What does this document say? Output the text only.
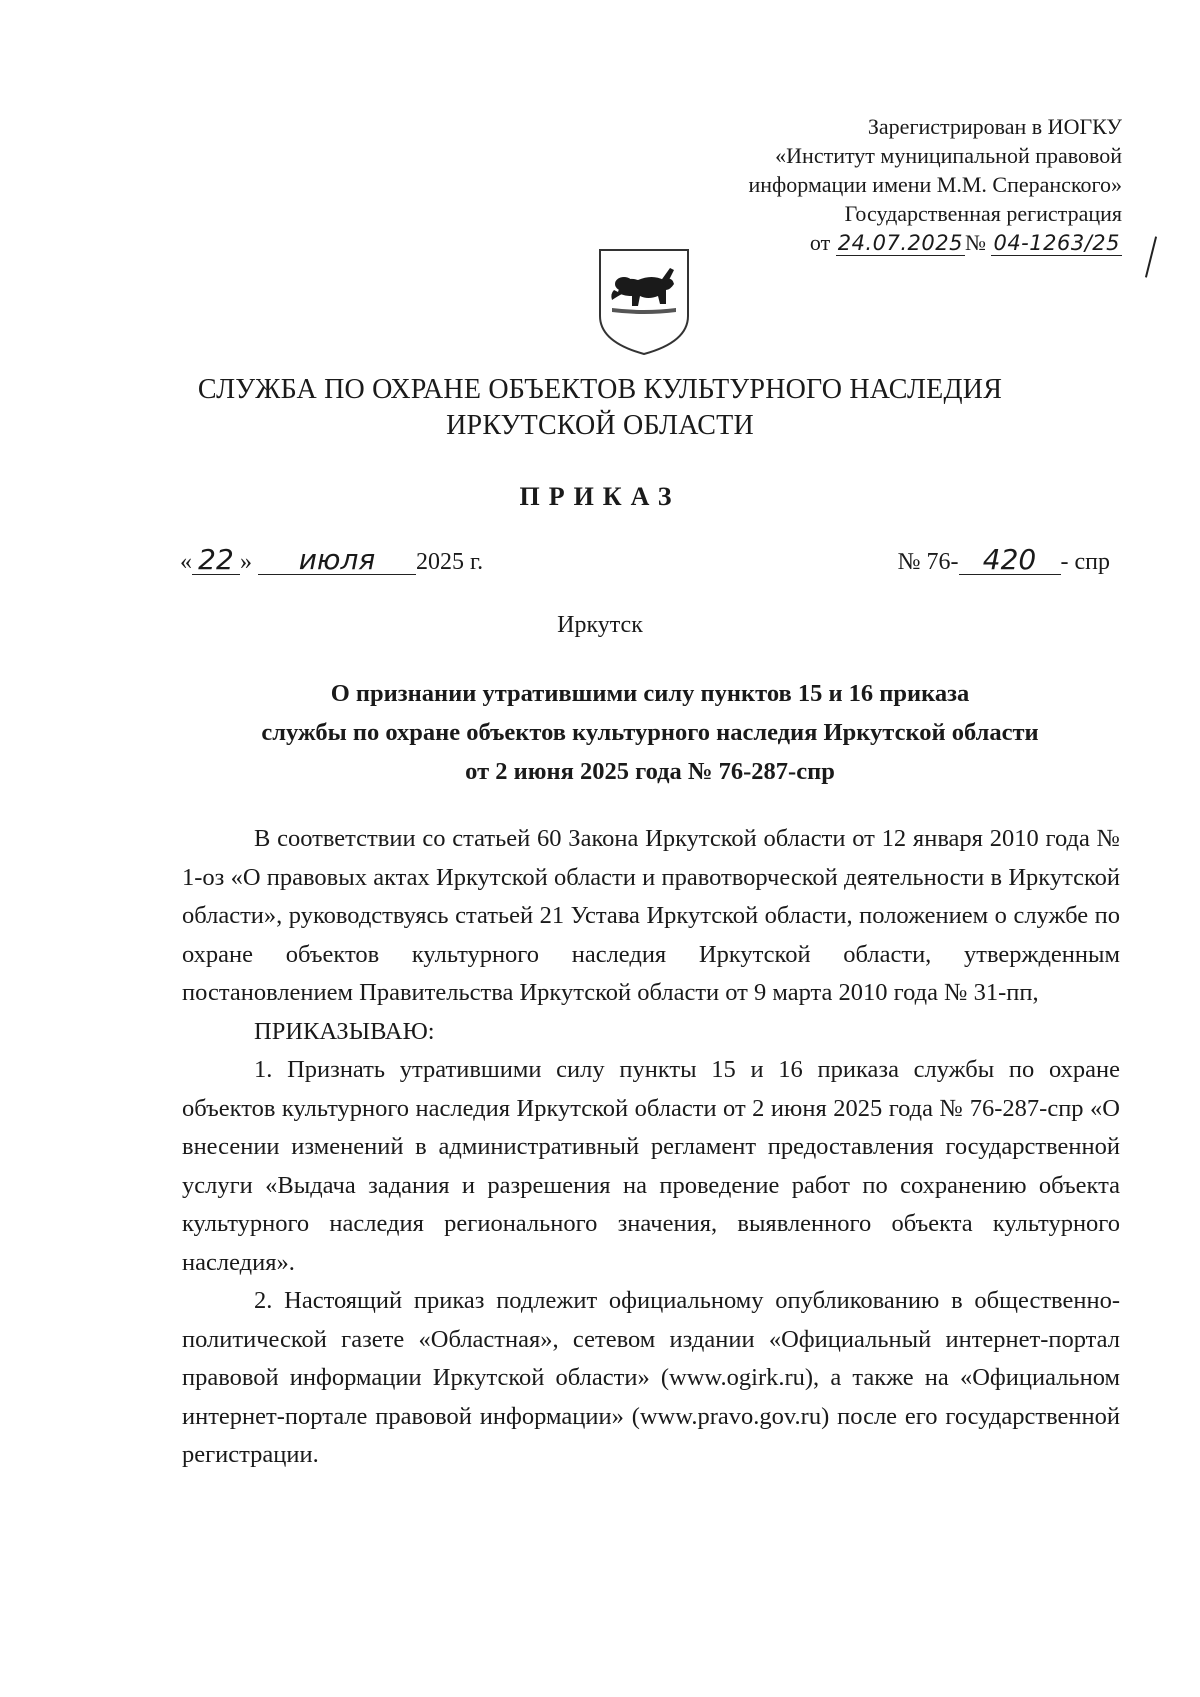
Зарегистрирован в ИОГКУ
«Институт муниципальной правовой
информации имени М.М. Сперанского»
Государственная регистрация
от 24.07.2025№ 04-1263/25
СЛУЖБА ПО ОХРАНЕ ОБЪЕКТОВ КУЛЬТУРНОГО НАСЛЕДИЯ
ИРКУТСКОЙ ОБЛАСТИ
ПРИКАЗ
« 22 » июля 2025 г.	№ 76- 420 - спр
Иркутск
О признании утратившими силу пунктов 15 и 16 приказа
службы по охране объектов культурного наследия Иркутской области
от 2 июня 2025 года № 76-287-спр

В соответствии со статьей 60 Закона Иркутской области от 12 января 2010 года № 1-оз «О правовых актах Иркутской области и правотворческой деятельности в Иркутской области», руководствуясь статьей 21 Устава Иркутской области, положением о службе по охране объектов культурного наследия Иркутской области, утвержденным постановлением Правительства Иркутской области от 9 марта 2010 года № 31-пп,

ПРИКАЗЫВАЮ:

1. Признать утратившими силу пункты 15 и 16 приказа службы по охране объектов культурного наследия Иркутской области от 2 июня 2025 года № 76-287-спр «О внесении изменений в административный регламент предоставления государственной услуги «Выдача задания и разрешения на проведение работ по сохранению объекта культурного наследия регионального значения, выявленного объекта культурного наследия».

2. Настоящий приказ подлежит официальному опубликованию в общественно-политической газете «Областная», сетевом издании «Официальный интернет-портал правовой информации Иркутской области» (www.ogirk.ru), а также на «Официальном интернет-портале правовой информации» (www.pravo.gov.ru) после его государственной регистрации.
